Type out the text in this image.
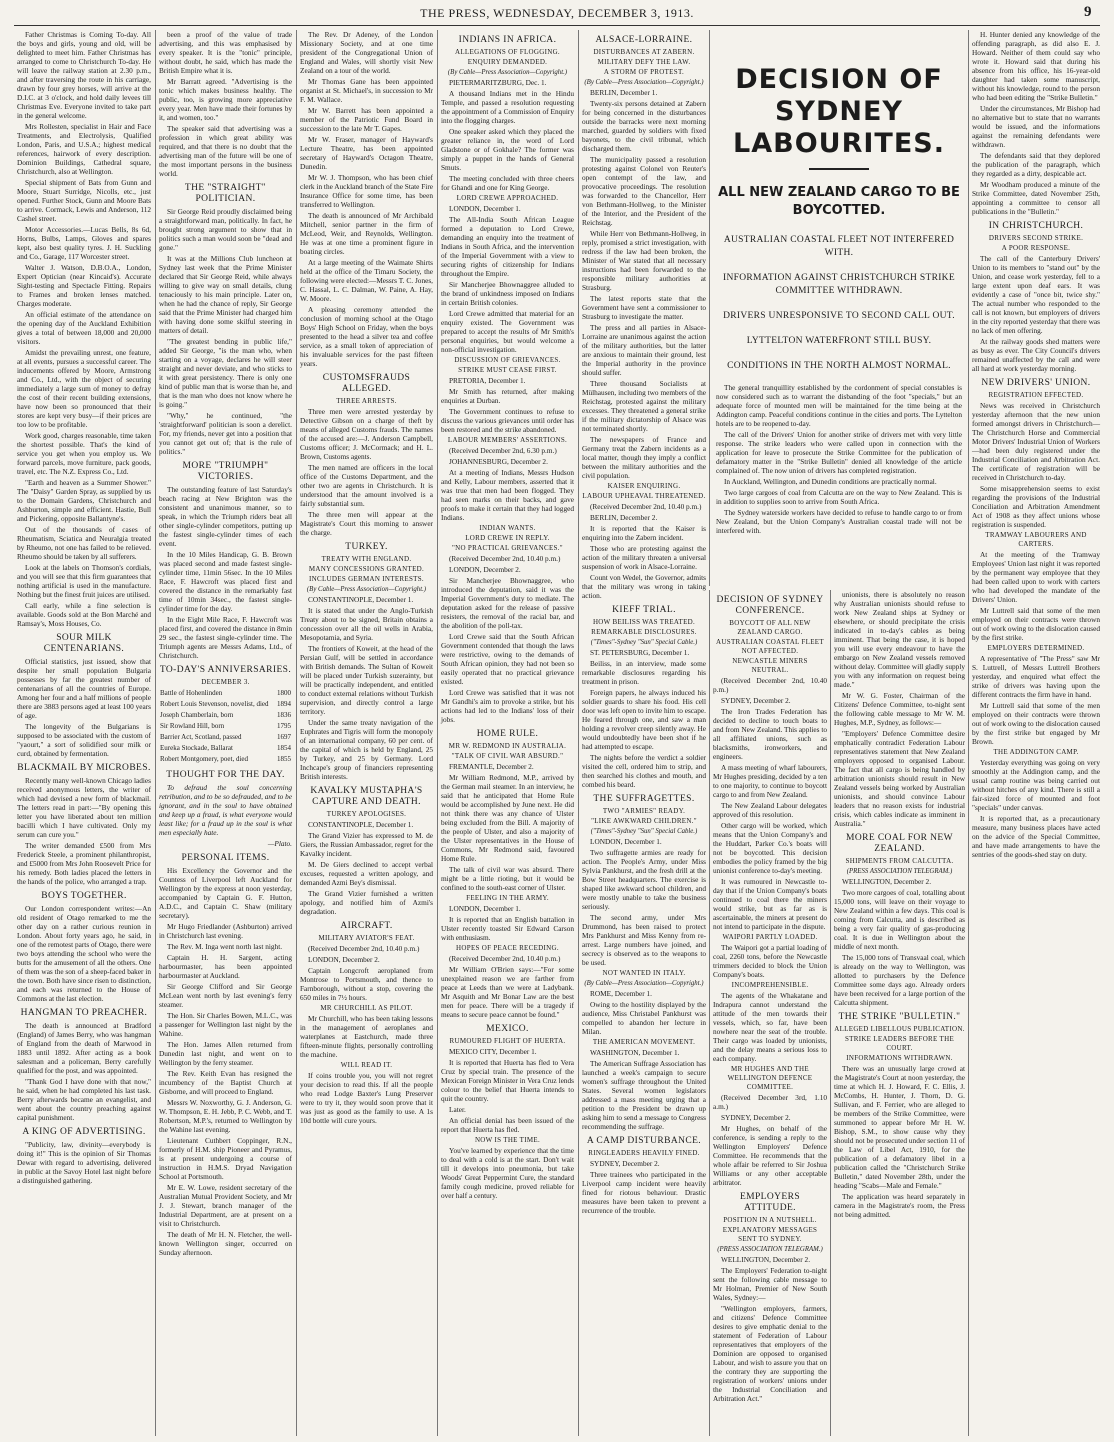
THE PRESS, WEDNESDAY, DECEMBER 3, 1913.	9

Father Christmas is Coming To-day. All the boys and girls, young and old, will be delighted to meet him. Father Christmas has arranged to come to Christchurch To-day. He will leave the railway station at 2.30 p.m., and after traversing the route in his carriage, drawn by four grey horses, will arrive at the D.I.C. at 3 o'clock, and hold daily levees till Christmas Eve. Everyone invited to take part in the general welcome.

Mrs Rollesten, specialist in Hair and Face Treatments, and Electrolysis, Qualified London, Paris, and U.S.A.; highest medical references, hairwork of every description. Dominion Buildings, Cathedral square, Christchurch, also at Wellington.

Special shipment of Bats from Gunn and Moore, Stuart Surridge, Nicolls, etc., just opened. Further Stock, Gunn and Moore Bats to arrive. Cormack, Lewis and Anderson, 112 Cashel street.

Motor Accessories.—Lucas Bells, 8s 6d, Horns, Bulbs, Lamps, Gloves and spares kept, also best quality tyres. J. H. Suckling and Co., Garage, 117 Worcester street.

Walter J. Watson, D.B.O.A., London, Expert Optician (near Kincaid's). Accurate Sight-testing and Spectacle Fitting. Repairs to Frames and broken lenses matched. Charges moderate.

An official estimate of the attendance on the opening day of the Auckland Exhibition gives a total of between 18,000 and 20,000 visitors.

Amidst the prevailing unrest, one feature, at all events, pursues a successful career. The inducements offered by Moore, Armstrong and Co., Ltd., with the object of securing immediately a large sum of money to defray the cost of their recent building extensions, have now been so pronounced that their stores are kept very busy—if their prices are too low to be profitable.

Work good, charges reasonable, time taken the shortest possible. That's the kind of service you get when you employ us. We forward parcels, move furniture, pack goods, travel, etc. The N.Z. Express Co., Ltd.

"Earth and heaven as a Summer Shower." The "Daisy" Garden Spray, as supplied by us to the Domain Gardens, Christchurch and Ashburton, simple and efficient. Hastie, Bull and Pickering, opposite Ballantyne's.

Out of the thousands of cases of Rheumatism, Sciatica and Neuralgia treated by Rheumo, not one has failed to be relieved. Rheumo should be taken by all sufferers.

Look at the labels on Thomson's cordials, and you will see that this firm guarantees that nothing artificial is used in the manufacture. Nothing but the finest fruit juices are utilised.

Call early, while a fine selection is available. Goods sold at the Bon Marché and Ramsay's, Moss Houses, Co.

SOUR MILK CENTENARIANS.

Official statistics, just issued, show that despite her small population Bulgaria possesses by far the greatest number of centenarians of all the countries of Europe. Among her four and a half millions of people there are 3883 persons aged at least 100 years of age.

The longevity of the Bulgarians is supposed to be associated with the custom of "yaourt," a sort of solidified sour milk or curd, obtained by fermentation.

BLACKMAIL BY MICROBES.

Recently many well-known Chicago ladies received anonymous letters, the writer of which had devised a new form of blackmail. The letters read in part:—"By opening this letter you have liberated about ten million bacilli which I have cultivated. Only my serum can cure you."

The writer demanded £500 from Mrs Frederick Steele, a prominent philanthropist, and £5000 from Mrs John Roosevelt Price for his remedy. Both ladies placed the letters in the hands of the police, who arranged a trap.

BOYS TOGETHER.

Our London correspondent writes:—An old resident of Otago remarked to me the other day on a rather curious reunion in London. About forty years ago, he said, in one of the remotest parts of Otago, there were two boys attending the school who were the butts for the amusement of all the others. One of them was the son of a sheep-faced baker in the town. Both have since risen to distinction, and each was returned to the House of Commons at the last election.

HANGMAN TO PREACHER.

The death is announced at Bradford (England) of James Berry, who was hangman of England from the death of Marwood in 1883 until 1892. After acting as a book salesman and a policeman, Berry carefully qualified for the post, and was appointed.

"Thank God I have done with that now," he said, when he had completed his last task. Berry afterwards became an evangelist, and went about the country preaching against capital punishment.

A KING OF ADVERTISING.

"Publicity, law, divinity—everybody is doing it!" This is the opinion of Sir Thomas Dewar with regard to advertising, delivered in public at the Savoy Hotel last night before a distinguished gathering.

been a proof of the value of trade advertising, and this was emphasised by every speaker. It is the "tonic" principle, without doubt, he said, which has made the British Empire what it is.

Mr Barratt agreed. "Advertising is the tonic which makes business healthy. The public, too, is growing more appreciative every year. Men have made their fortunes by it, and women, too."

The speaker said that advertising was a profession in which great ability was required, and that there is no doubt that the advertising man of the future will be one of the most important persons in the business world.

THE "STRAIGHT" POLITICIAN.

Sir George Reid proudly disclaimed being a straightforward man, politically. In fact, he brought strong argument to show that in politics such a man would soon be "dead and gone."

It was at the Millions Club luncheon at Sydney last week that the Prime Minister declared that Sir George Reid, while always willing to give way on small details, clung tenaciously to his main principle. Later on, when he had the chance of reply, Sir George said that the Prime Minister had charged him with having done some skilful steering in matters of detail.

"The greatest bending in public life," added Sir George, "is the man who, when starting on a voyage, declares he will steer straight and never deviate, and who sticks to it with great persistency. There is only one kind of public man that is worse than he, and that is the man who does not know where he is going."

"Why," he continued, "the 'straightforward' politician is soon a derelict. For, my friends, never get into a position that you cannot get out of; that is the rule of politics."

MORE "TRIUMPH" VICTORIES.

The outstanding feature of last Saturday's beach racing at New Brighton was the consistent and unanimous manner, so to speak, in which the Triumph riders beat all other single-cylinder competitors, putting up the fastest single-cylinder times of each event.

In the 10 Miles Handicap, G. B. Brown was placed second and made fastest single-cylinder time, 11min 56sec. In the 10 Miles Race, F. Hawcroft was placed first and covered the distance in the remarkably fast time of 10min 34sec., the fastest single-cylinder time for the day.

In the Eight Mile Race, F. Hawcroft was placed first, and covered the distance in 8min 29 sec., the fastest single-cylinder time. The Triumph agents are Messrs Adams, Ltd., of Christchurch.

TO-DAY'S ANNIVERSARIES.
DECEMBER 3.
Battle of Hohenlinden	1800
Robert Louis Stevenson, novelist, died	1894
Joseph Chamberlain, born	1836
Sir Rowland Hill, born	1795
Barrier Act, Scotland, passed	1697
Eureka Stockade, Ballarat	1854
Robert Montgomery, poet, died	1855
THOUGHT FOR THE DAY.

To defraud the soul concerning retribution, and to be so defrauded, and to be ignorant, and in the soul to have obtained and keep up a fraud, is what everyone would least like; for a fraud up in the soul is what men especially hate.

—Plato.

PERSONAL ITEMS.

His Excellency the Governor and the Countess of Liverpool left Auckland for Wellington by the express at noon yesterday, accompanied by Captain G. F. Hutton, A.D.C., and Captain C. Shaw (military secretary).

Mr Hugo Friedlander (Ashburton) arrived in Christchurch last evening.

The Rev. M. Inga went north last night.

Captain H. H. Sargent, acting harbourmaster, has been appointed harbourmaster at Auckland.

Sir George Clifford and Sir George McLean went north by last evening's ferry steamer.

The Hon. Sir Charles Bowen, M.L.C., was a passenger for Wellington last night by the Wahine.

The Hon. James Allen returned from Dunedin last night, and went on to Wellington by the ferry steamer.

The Rev. Keith Evan has resigned the incumbency of the Baptist Church at Gisborne, and will proceed to England.

Messrs W. Noxworthy, G. J. Anderson, G. W. Thompson, E. H. Jebb, P. C. Webb, and T. Robertson, M.P.'s, returned to Wellington by the Wahine last evening.

Lieutenant Cuthbert Coppinger, R.N., formerly of H.M. ship Pioneer and Pyramus, is at present undergoing a course of instruction in H.M.S. Dryad Navigation School at Portsmouth.

Mr E. W. Lowe, resident secretary of the Australian Mutual Provident Society, and Mr J. J. Stewart, branch manager of the Industrial Department, are at present on a visit to Christchurch.

The death of Mr H. N. Fletcher, the well-known Wellington singer, occurred on Sunday afternoon.

The Rev. Dr Adeney, of the London Missionary Society, and at one time president of the Congregational Union of England and Wales, will shortly visit New Zealand on a tour of the world.

Mr Thomas Gane has been appointed organist at St. Michael's, in succession to Mr F. M. Wallace.

Mr W. Barrett has been appointed a member of the Patriotic Fund Board in succession to the late Mr T. Gapes.

Mr W. Fraser, manager of Hayward's Lecture Theatre, has been appointed secretary of Hayward's Octagon Theatre, Dunedin.

Mr W. J. Thompson, who has been chief clerk in the Auckland branch of the State Fire Insurance Office for some time, has been transferred to Wellington.

The death is announced of Mr Archibald Mitchell, senior partner in the firm of McLeod, Weir, and Reynolds, Wellington. He was at one time a prominent figure in boating circles.

At a large meeting of the Waimate Shirts held at the office of the Timaru Society, the following were elected:—Messrs T. C. Jones, C. Hassal, L. C. Dalman, W. Paine, A. Hay, W. Moore.

A pleasing ceremony attended the conclusion of morning school at the Otago Boys' High School on Friday, when the boys presented to the head a silver tea and coffee service, as a small token of appreciation of his invaluable services for the past fifteen years.

CUSTOMSFRAUDS ALLEGED.
THREE ARRESTS.

Three men were arrested yesterday by Detective Gibson on a charge of theft by means of alleged Customs frauds. The names of the accused are:—J. Anderson Campbell, Customs officer; J. McCormack; and H. L. Brown, Customs agents.

The men named are officers in the local office of the Customs Department, and the other two are agents in Christchurch. It is understood that the amount involved is a fairly substantial sum.

The three men will appear at the Magistrate's Court this morning to answer the charge.

TURKEY.
TREATY WITH ENGLAND.
MANY CONCESSIONS GRANTED.
INCLUDES GERMAN INTERESTS.

(By Cable—Press Association—Copyright.)

CONSTANTINOPLE, December 1.

It is stated that under the Anglo-Turkish Treaty about to be signed, Britain obtains a concession over all the oil wells in Arabia, Mesopotamia, and Syria.

The frontiers of Koweit, at the head of the Persian Gulf, will be settled in accordance with British demands. The Sultan of Koweit will be placed under Turkish suzerainty, but will be practically independent, and entitled to conduct external relations without Turkish supervision, and directly control a large territory.

Under the same treaty navigation of the Euphrates and Tigris will form the monopoly of an international company, 60 per cent. of the capital of which is held by England, 25 by Turkey, and 25 by Germany. Lord Inchcape's group of financiers representing British interests.

KAVALKY MUSTAPHA'S CAPTURE AND DEATH.
TURKEY APOLOGISES.

CONSTANTINOPLE, December 1.

The Grand Vizier has expressed to M. de Giers, the Russian Ambassador, regret for the Kavalky incident.

M. De Giers declined to accept verbal excuses, requested a written apology, and demanded Azmi Bey's dismissal.

The Grand Vizier furnished a written apology, and notified him of Azmi's degradation.

AIRCRAFT.
MILITARY AVIATOR'S FEAT.

(Received December 2nd, 10.40 p.m.)

LONDON, December 2.

Captain Longcroft aeroplaned from Montrose to Portsmouth, and thence to Farnborough, without a stop, covering the 650 miles in 7½ hours.

MR CHURCHILL AS PILOT.

Mr Churchill, who has been taking lessons in the management of aeroplanes and waterplanes at Eastchurch, made three fifteen-minute flights, personally controlling the machine.

WILL READ IT.

If coins trouble you, you will not regret your decision to read this. If all the people who read Lodge Baxter's Lung Preserver were to try it, they would soon prove that it was just as good as the family to use. A 1s 10d bottle will cure yours.

INDIANS IN AFRICA.
ALLEGATIONS OF FLOGGING.
ENQUIRY DEMANDED.

(By Cable—Press Association—Copyright.)

PIETERMARITZBURG, Dec. 1.

A thousand Indians met in the Hindu Temple, and passed a resolution requesting the appointment of a Commission of Enquiry into the flogging charges.

One speaker asked which they placed the greater reliance in, the word of Lord Gladstone or of Gokhale? The former was simply a puppet in the hands of General Smuts.

The meeting concluded with three cheers for Ghandi and one for King George.

LORD CREWE APPROACHED.

LONDON, December 1.

The All-India South African League formed a deputation to Lord Crewe, demanding an enquiry into the treatment of Indians in South Africa, and the intervention of the Imperial Government with a view to securing rights of citizenship for Indians throughout the Empire.

Sir Mancherjee Bhownaggree alluded to the brand of unkindness imposed on Indians in certain British colonies.

Lord Crewe admitted that material for an enquiry existed. The Government was prepared to accept the results of Mr Smith's personal enquiries, but would welcome a non-official investigation.

DISCUSSION OF GRIEVANCES.
STRIKE MUST CEASE FIRST.

PRETORIA, December 1.

Mr Smith has returned, after making enquiries at Durban.

The Government continues to refuse to discuss the various grievances until order has been restored and the strike abandoned.

LABOUR MEMBERS' ASSERTIONS.

(Received December 2nd, 6.30 p.m.)

JOHANNESBURG, December 2.

At a meeting of Indians, Messrs Hudson and Kelly, Labour members, asserted that it was true that men had been flogged. They had seen marks on their backs, and gave proofs to make it certain that they had logged Indians.

INDIAN WANTS.
LORD CREWE IN REPLY.
"NO PRACTICAL GRIEVANCES."

(Received December 2nd, 10.40 p.m.)

LONDON, December 2.

Sir Mancherjee Bhownaggree, who introduced the deputation, said it was the Imperial Government's duty to mediate. The deputation asked for the release of passive resisters, the removal of the racial bar, and the abolition of the poll-tax.

Lord Crewe said that the South African Government contended that though the laws were restrictive, owing to the demands of South African opinion, they had not been so easily operated that no practical grievance existed.

Lord Crewe was satisfied that it was not Mr Gandhi's aim to provoke a strike, but his actions had led to the Indians' loss of their jobs.

HOME RULE.
MR W. REDMOND IN AUSTRALIA.
"TALK OF CIVIL WAR ABSURD."

FREMANTLE, December 2.

Mr William Redmond, M.P., arrived by the German mail steamer. In an interview, he said that he anticipated that Home Rule would be accomplished by June next. He did not think there was any chance of Ulster being excluded from the Bill. A majority of the people of Ulster, and also a majority of the Ulster representatives in the House of Commons, Mr Redmond said, favoured Home Rule.

The talk of civil war was absurd. There might be a little rioting, but it would be confined to the south-east corner of Ulster.

FEELING IN THE ARMY.

LONDON, December 1.

It is reported that an English battalion in Ulster recently toasted Sir Edward Carson with enthusiasm.

HOPES OF PEACE RECEDING.

(Received December 2nd, 10.40 p.m.)

Mr William O'Brien says:—"For some unexplained reason we are farther from peace at Leeds than we were at Ladybank. Mr Asquith and Mr Bonar Law are the best men for peace. There will be a tragedy if means to secure peace cannot be found."

MEXICO.
RUMOURED FLIGHT OF HUERTA.

MEXICO CITY, December 1.

It is reported that Huerta has fled to Vera Cruz by special train. The presence of the Mexican Foreign Minister in Vera Cruz lends colour to the belief that Huerta intends to quit the country.

Later.

An official denial has been issued of the report that Huerta has fled.

NOW IS THE TIME.

You've learned by experience that the time to deal with a cold is at the start. Don't wait till it develops into pneumonia, but take Woods' Great Peppermint Cure, the standard family cough medicine, proved reliable for over half a century.

ALSACE-LORRAINE.
DISTURBANCES AT ZABERN.
MILITARY DEFY THE LAW.
A STORM OF PROTEST.

(By Cable—Press Association—Copyright.)

BERLIN, December 1.

Twenty-six persons detained at Zabern for being concerned in the disturbances outside the barracks were next morning marched, guarded by soldiers with fixed bayonets, to the civil tribunal, which discharged them.

The municipality passed a resolution protesting against Colonel von Reuter's open contempt of the law, and provocative proceedings. The resolution was forwarded to the Chancellor, Herr von Bethmann-Hollweg, to the Minister of the Interior, and the President of the Reichstag.

While Herr von Bethmann-Hollweg, in reply, promised a strict investigation, with redress if the law had been broken, the Minister of War stated that all necessary instructions had been forwarded to the responsible military authorities at Strasburg.

The latest reports state that the Government have sent a commissioner to Strasburg to investigate the matter.

The press and all parties in Alsace-Lorraine are unanimous against the action of the military authorities, but the latter are anxious to maintain their ground, lest the Imperial authority in the province should suffer.

Three thousand Socialists at Mülhausen, including two members of the Reichstag, protested against the military excesses. They threatened a general strike if the military dictatorship of Alsace was not terminated shortly.

The newspapers of France and Germany treat the Zabern incidents as a local matter, though they imply a conflict between the military authorities and the civil population.

KAISER ENQUIRING.
LABOUR UPHEAVAL THREATENED.

(Received December 2nd, 10.40 p.m.)

BERLIN, December 2.

It is reported that the Kaiser is enquiring into the Zabern incident.

Those who are protesting against the action of the military threaten a universal suspension of work in Alsace-Lorraine.

Count von Wedel, the Governor, admits that the military was wrong in taking action.

KIEFF TRIAL.
HOW BEILISS WAS TREATED.
REMARKABLE DISCLOSURES.

("Times"-Sydney "Sun" Special Cable.)

ST. PETERSBURG, December 1.

Beiliss, in an interview, made some remarkable disclosures regarding his treatment in prison.

Foreign papers, he always induced his soldier guards to share his food. His cell door was left open to invite him to escape. He feared through one, and saw a man holding a revolver creep silently away. He would undoubtedly have been shot if he had attempted to escape.

The nights before the verdict a soldier visited the cell, ordered him to strip, and then searched his clothes and mouth, and combed his beard.

THE SUFFRAGETTES.
TWO "ARMIES" READY.
"LIKE AWKWARD CHILDREN."

("Times"-Sydney "Sun" Special Cable.)

LONDON, December 1.

Two suffragette armies are ready for action. The People's Army, under Miss Sylvia Pankhurst, and the fresh drill at the Bow Street headquarters. The exercise is shaped like awkward school children, and were mostly unable to take the business seriously.

The second army, under Mrs Drummond, has been raised to protect Mrs Pankhurst and Miss Kenny from re-arrest. Large numbers have joined, and secrecy is observed as to the weapons to be used.

NOT WANTED IN ITALY.

(By Cable—Press Association—Copyright.)

ROME, December 1.

Owing to the hostility displayed by the audience, Miss Christabel Pankhurst was compelled to abandon her lecture in Milan.

THE AMERICAN MOVEMENT.

WASHINGTON, December 1.

The American Suffrage Association has launched a week's campaign to secure women's suffrage throughout the United States. Several women legislators addressed a mass meeting urging that a petition to the President be drawn up asking him to send a message to Congress recommending the suffrage.

A CAMP DISTURBANCE.
RINGLEADERS HEAVILY FINED.

SYDNEY, December 2.

Three trainees who participated in the Liverpool camp incident were heavily fined for riotous behaviour. Drastic measures have been taken to prevent a recurrence of the trouble.

DECISION OF SYDNEY LABOURITES.
ALL NEW ZEALAND CARGO TO BE BOYCOTTED.
AUSTRALIAN COASTAL FLEET NOT INTERFERED WITH.
INFORMATION AGAINST CHRISTCHURCH STRIKE COMMITTEE WITHDRAWN.
DRIVERS UNRESPONSIVE TO SECOND CALL OUT.
LYTTELTON WATERFRONT STILL BUSY.
CONDITIONS IN THE NORTH ALMOST NORMAL.

The general tranquillity established by the cordonment of special constables is now considered such as to warrant the disbanding of the foot "specials," but an adequate force of mounted men will be maintained for the time being at the Addington camp. Peaceful conditions continue in the cities and ports. The Lyttelton hotels are to be reopened to-day.

The call of the Drivers' Union for another strike of drivers met with very little response. The strike leaders who were called upon in connection with the application for leave to prosecute the Strike Committee for the publication of defamatory matter in the "Strike Bulletin" denied all knowledge of the article complained of. The now union of drivers has completed registration.

In Auckland, Wellington, and Dunedin conditions are practically normal.

Two large cargoes of coal from Calcutta are on the way to New Zealand. This is in addition to supplies soon to arrive from South Africa.

The Sydney waterside workers have decided to refuse to handle cargo to or from New Zealand, but the Union Company's Australian coastal trade will not be interfered with.

DECISION OF SYDNEY CONFERENCE.
BOYCOTT OF ALL NEW ZEALAND CARGO.
AUSTRALIAN COASTAL FLEET NOT AFFECTED.
NEWCASTLE MINERS NEUTRAL.

(Received December 2nd, 10.40 p.m.)

SYDNEY, December 2.

The Iron Trades Federation has decided to decline to touch boats to and from New Zealand. This applies to all affiliated unions, such as blacksmiths, ironworkers, and engineers.

A mass meeting of wharf labourers, Mr Hughes presiding, decided by a ten to one majority, to continue to boycott cargo to and from New Zealand.

The New Zealand Labour delegates approved of this resolution.

Other cargo will be worked, which means that the Union Company's and the Huddart, Parker Co.'s boats will not be boycotted. This decision embodies the policy framed by the big unionist conference to-day's meeting.

It was rumoured in Newcastle to-day that if the Union Company's boats continued to coal there the miners would strike, but as far as is ascertainable, the miners at present do not intend to participate in the dispute.

WAIPORI PARTLY LOADED.

The Waipori got a partial loading of coal, 2260 tons, before the Newcastle trimmers decided to block the Union Company's boats.

INCOMPREHENSIBLE.

The agents of the Whakatane and Indrapura cannot understand the attitude of the men towards their vessels, which, so far, have been nowhere near the seat of the trouble. Their cargo was loaded by unionists, and the delay means a serious loss to each company.

MR HUGHES AND THE WELLINGTON DEFENCE COMMITTEE.

(Received December 3rd, 1.10 a.m.)

SYDNEY, December 2.

Mr Hughes, on behalf of the conference, is sending a reply to the Wellington Employers' Defence Committee. He recommends that the whole affair be referred to Sir Joshua Williams or any other acceptable arbitrator.

EMPLOYERS ATTITUDE.
POSITION IN A NUTSHELL.
EXPLANATORY MESSAGES SENT TO SYDNEY.

(PRESS ASSOCIATION TELEGRAM.)

WELLINGTON, December 2.

The Employers' Federation to-night sent the following cable message to Mr Holman, Premier of New South Wales, Sydney:—

"Wellington employers, farmers, and citizens' Defence Committee desires to give emphatic denial to the statement of Federation of Labour representatives that employers of the Dominion are opposed to organised Labour, and wish to assure you that on the contrary they are supporting the registration of workers' unions under the Industrial Conciliation and Arbitration Act."

unionists, there is absolutely no reason why Australian unionists should refuse to work New Zealand ships at Sydney or elsewhere, or should precipitate the crisis indicated in to-day's cables as being imminent. That being the case, it is hoped you will use every endeavour to have the embargo on New Zealand vessels removed without delay. Committee will gladly supply you with any information on request being made."

Mr W. G. Foster, Chairman of the Citizens' Defence Committee, to-night sent the following cable message to Mr W. M. Hughes, M.P., Sydney, as follows:—

"Employers' Defence Committee desire emphatically contradict Federation Labour representatives statement that New Zealand employers opposed to organised Labour. The fact that all cargo is being handled by arbitration unionists should result in New Zealand vessels being worked by Australian unionists, and should convince Labour leaders that no reason exists for industrial crisis, which cables indicate as imminent in Australia."

MORE COAL FOR NEW ZEALAND.
SHIPMENTS FROM CALCUTTA.

(PRESS ASSOCIATION TELEGRAM.)

WELLINGTON, December 2.

Two more cargoes of coal, totalling about 15,000 tons, will leave on their voyage to New Zealand within a few days. This coal is coming from Calcutta, and is described as being a very fair quality of gas-producing coal. It is due in Wellington about the middle of next month.

The 15,000 tons of Transvaal coal, which is already on the way to Wellington, was allotted to purchasers by the Defence Committee some days ago. Already orders have been received for a large portion of the Calcutta shipment.

THE STRIKE "BULLETIN."
ALLEGED LIBELLOUS PUBLICATION.
STRIKE LEADERS BEFORE THE COURT.
INFORMATIONS WITHDRAWN.

There was an unusually large crowd at the Magistrate's Court at noon yesterday, the time at which H. J. Howard, F. C. Ellis, J. McCombs, H. Hunter, J. Thorn, D. G. Sullivan, and F. Ferrier, who are alleged to be members of the Strike Committee, were summoned to appear before Mr H. W. Bishop, S.M., to show cause why they should not be prosecuted under section 11 of the Law of Libel Act, 1910, for the publication of a defamatory libel in a publication called the "Christchurch Strike Bulletin," dated November 28th, under the heading "Scabs—Male and Female."

The application was heard separately in camera in the Magistrate's room, the Press not being admitted.

H. Hunter denied any knowledge of the offending paragraph, as did also E. J. Howard. Neither of them could say who wrote it. Howard said that during his absence from his office, his 16-year-old daughter had taken some manuscript, without his knowledge, round to the person who had been editing the "Strike Bulletin."

Under the circumstances, Mr Bishop had no alternative but to state that no warrants would be issued, and the informations against the remaining defendants were withdrawn.

The defendants said that they deplored the publication of the paragraph, which they regarded as a dirty, despicable act.

Mr Woodham produced a minute of the Strike Committee, dated November 25th, appointing a committee to censor all publications in the "Bulletin."

IN CHRISTCHURCH.
DRIVERS SECOND STRIKE.
A POOR RESPONSE.

The call of the Canterbury Drivers' Union to its members to "stand out" by the Union, and cease work yesterday, fell to a large extent upon deaf ears. It was evidently a case of "once bit, twice shy." The actual number who responded to the call is not known, but employers of drivers in the city reported yesterday that there was no lack of men offering.

At the railway goods shed matters were as busy as ever. The City Council's drivers remained unaffected by the call and were all hard at work yesterday morning.

NEW DRIVERS' UNION.
REGISTRATION EFFECTED.

News was received in Christchurch yesterday afternoon that the new union formed amongst drivers in Christchurch—The Christchurch Horse and Commercial Motor Drivers' Industrial Union of Workers—had been duly registered under the Industrial Conciliation and Arbitration Act. The certificate of registration will be received in Christchurch to-day.

Some misapprehension seems to exist regarding the provisions of the Industrial Conciliation and Arbitration Amendment Act of 1908 as they affect unions whose registration is suspended.

TRAMWAY LABOURERS AND CARTERS.

At the meeting of the Tramway Employees' Union last night it was reported by the permanent way employee that they had been called upon to work with carters who had developed the mandate of the Drivers' Union.

Mr Luttrell said that some of the men employed on their contracts were thrown out of work owing to the dislocation caused by the first strike.

EMPLOYERS DETERMINED.

A representative of "The Press" saw Mr S. Luttrell, of Messrs Luttrell Brothers yesterday, and enquired what effect the strike of drivers was having upon the different contracts the firm have in hand.

Mr Luttrell said that some of the men employed on their contracts were thrown out of work owing to the dislocation caused by the first strike but engaged by Mr Brown.

THE ADDINGTON CAMP.

Yesterday everything was going on very smoothly at the Addington camp, and the usual camp routine was being carried out without hitches of any kind. There is still a fair-sized force of mounted and foot "specials" under canvas.

It is reported that, as a precautionary measure, many business places have acted on the advice of the Special Committee, and have made arrangements to have the sentries of the goods-shed stay on duty.
